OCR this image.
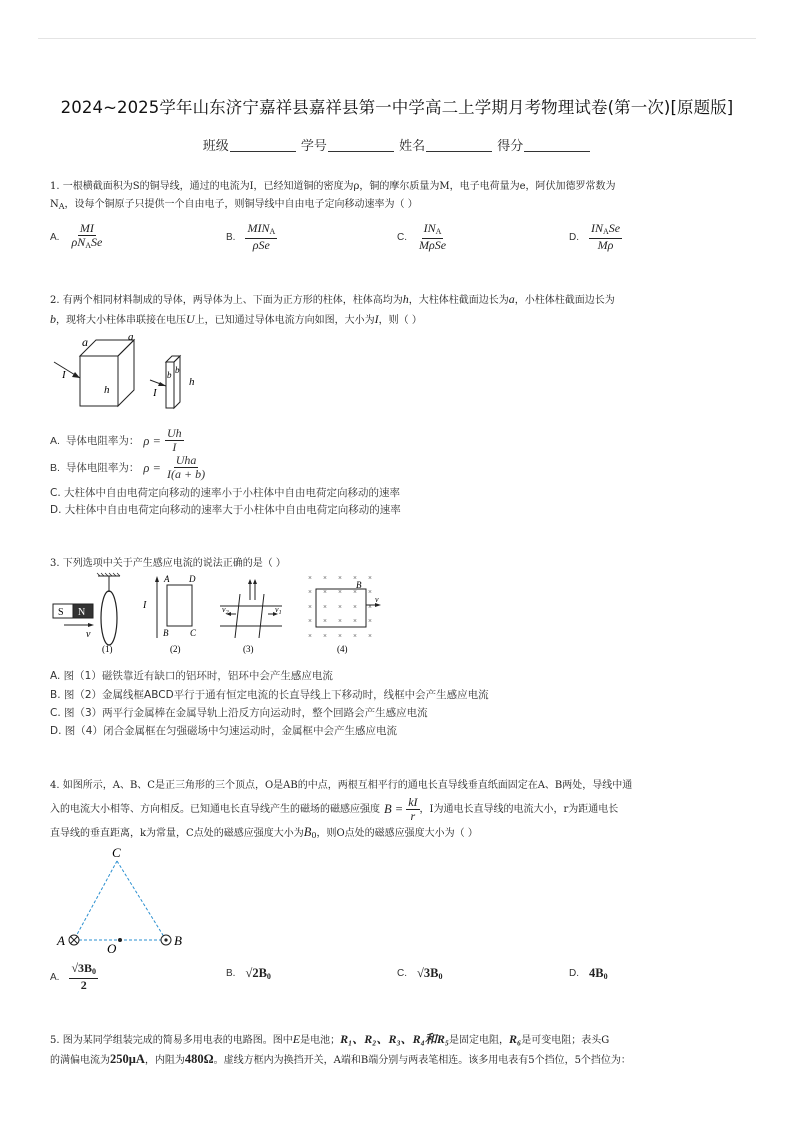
2024~2025学年山东济宁嘉祥县嘉祥县第一中学高二上学期月考物理试卷(第一次)[原题版]
班级	学号	姓名	得分
1. 一根横截面积为S的铜导线，通过的电流为I，已经知道铜的密度为ρ，铜的摩尔质量为M，电子电荷量为e，阿伏加德罗常数为
$N_A$，设每个铜原子只提供一个自由电子，则铜导线中自由电子定向移动速率为（ ）
A. $\frac{MI}{\rho N_ASe}$	B. $\frac{MIN_A}{\text{ρSe}}$	C. $\frac{IN_A}{\text{MρSe}}$	D. $\frac{IN_ASe}{M\rho}$
2. 有两个相同材料制成的导体，两导体为上、下面为正方形的柱体，柱体高均为h，大柱体柱截面边长为a，小柱体柱截面边长为
b，现将大小柱体串联接在电压U上，已知通过导体电流方向如图，大小为I，则（ ）
a	a
I
h
b b
I
h
A. 导体电阻率为： $\rho = \frac{Uh}{I}$
B. 导体电阻率为： $\rho = \frac{\text{Uha}}{I(a + b)}$
C. 大柱体中自由电荷定向移动的速率小于小柱体中自由电荷定向移动的速率
D. 大柱体中自由电荷定向移动的速率大于小柱体中自由电荷定向移动的速率
3. 下列选项中关于产生感应电流的说法正确的是（ ）
S N
v
(1)
I
A D
B C
(2)
$v_2$	$v_1$
(3)
× × × × ×
× × × × ×
× × × × ×
× × × × ×
× × × × ×
B
v
(4)
A. 图（1）磁铁靠近有缺口的铝环时，铝环中会产生感应电流
B. 图（2）金属线框ABCD平行于通有恒定电流的长直导线上下移动时，线框中会产生感应电流
C. 图（3）两平行金属棒在金属导轨上沿反方向运动时，整个回路会产生感应电流
D. 图（4）闭合金属框在匀强磁场中匀速运动时，金属框中会产生感应电流
4. 如图所示，A、B、C是正三角形的三个顶点，O是AB的中点，两根互相平行的通电长直导线垂直纸面固定在A、B两处，导线中通
入的电流大小相等、方向相反。已知通电长直导线产生的磁场的磁感应强度 $B = \frac{kI}{r}$ ，I为通电长直导线的电流大小，r为距通电长
直导线的垂直距离，k为常量，C点处的磁感应强度大小为$B_0$，则O点处的磁感应强度大小为（ ）
C
A	B
O
A. $\frac{√3B_0}{2}$	B. $√2B_0$	C. $√3B_0$	D. $4B_0$
5. 图为某同学组装完成的简易多用电表的电路图。图中E是电池；R₁、R₂、R₃、R₄和R₅是固定电阻，R₆是可变电阻；表头G
的满偏电流为250μA，内阻为480Ω。虚线方框内为换挡开关，A端和B端分别与两表笔相连。该多用电表有5个挡位，5个挡位为：
